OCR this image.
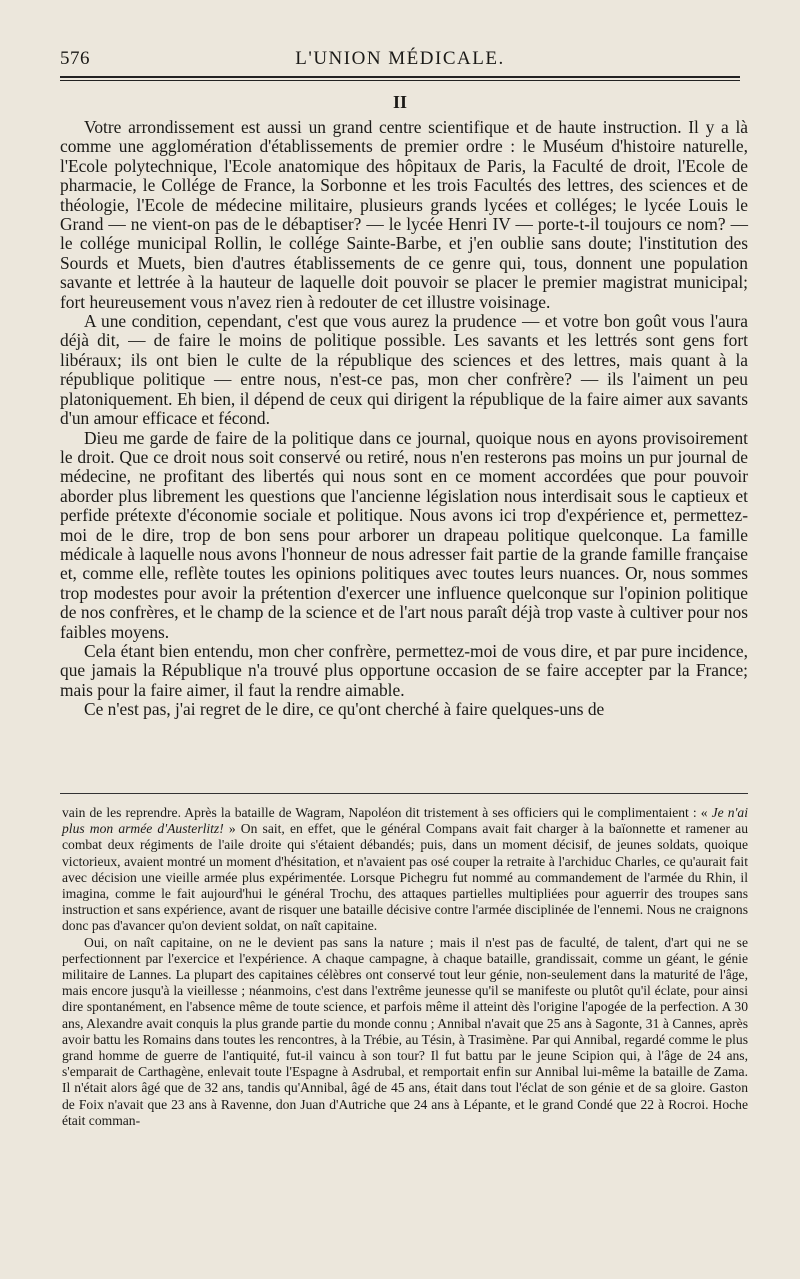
576	L'UNION MÉDICALE.
II

Votre arrondissement est aussi un grand centre scientifique et de haute instruction. Il y a là comme une agglomération d'établissements de premier ordre : le Muséum d'histoire naturelle, l'Ecole polytechnique, l'Ecole anatomique des hôpitaux de Paris, la Faculté de droit, l'Ecole de pharmacie, le Collége de France, la Sorbonne et les trois Facultés des lettres, des sciences et de théologie, l'Ecole de médecine militaire, plusieurs grands lycées et colléges; le lycée Louis le Grand — ne vient-on pas de le débaptiser? — le lycée Henri IV — porte-t-il toujours ce nom? — le collége municipal Rollin, le collége Sainte-Barbe, et j'en oublie sans doute; l'institution des Sourds et Muets, bien d'autres établissements de ce genre qui, tous, donnent une population savante et lettrée à la hauteur de laquelle doit pouvoir se placer le premier magistrat municipal; fort heureusement vous n'avez rien à redouter de cet illustre voisinage.

A une condition, cependant, c'est que vous aurez la prudence — et votre bon goût vous l'aura déjà dit, — de faire le moins de politique possible. Les savants et les lettrés sont gens fort libéraux; ils ont bien le culte de la république des sciences et des lettres, mais quant à la république politique — entre nous, n'est-ce pas, mon cher confrère? — ils l'aiment un peu platoniquement. Eh bien, il dépend de ceux qui dirigent la république de la faire aimer aux savants d'un amour efficace et fécond.

Dieu me garde de faire de la politique dans ce journal, quoique nous en ayons provisoirement le droit. Que ce droit nous soit conservé ou retiré, nous n'en resterons pas moins un pur journal de médecine, ne profitant des libertés qui nous sont en ce moment accordées que pour pouvoir aborder plus librement les questions que l'ancienne législation nous interdisait sous le captieux et perfide prétexte d'économie sociale et politique. Nous avons ici trop d'expérience et, permettez-moi de le dire, trop de bon sens pour arborer un drapeau politique quelconque. La famille médicale à laquelle nous avons l'honneur de nous adresser fait partie de la grande famille française et, comme elle, reflète toutes les opinions politiques avec toutes leurs nuances. Or, nous sommes trop modestes pour avoir la prétention d'exercer une influence quelconque sur l'opinion politique de nos confrères, et le champ de la science et de l'art nous paraît déjà trop vaste à cultiver pour nos faibles moyens.

Cela étant bien entendu, mon cher confrère, permettez-moi de vous dire, et par pure incidence, que jamais la République n'a trouvé plus opportune occasion de se faire accepter par la France; mais pour la faire aimer, il faut la rendre aimable.

Ce n'est pas, j'ai regret de le dire, ce qu'ont cherché à faire quelques-uns de

vain de les reprendre. Après la bataille de Wagram, Napoléon dit tristement à ses officiers qui le complimentaient : « Je n'ai plus mon armée d'Austerlitz! » On sait, en effet, que le général Compans avait fait charger à la baïonnette et ramener au combat deux régiments de l'aile droite qui s'étaient débandés; puis, dans un moment décisif, de jeunes soldats, quoique victorieux, avaient montré un moment d'hésitation, et n'avaient pas osé couper la retraite à l'archiduc Charles, ce qu'aurait fait avec décision une vieille armée plus expérimentée. Lorsque Pichegru fut nommé au commandement de l'armée du Rhin, il imagina, comme le fait aujourd'hui le général Trochu, des attaques partielles multipliées pour aguerrir des troupes sans instruction et sans expérience, avant de risquer une bataille décisive contre l'armée disciplinée de l'ennemi. Nous ne craignons donc pas d'avancer qu'on devient soldat, on naît capitaine.

Oui, on naît capitaine, on ne le devient pas sans la nature ; mais il n'est pas de faculté, de talent, d'art qui ne se perfectionnent par l'exercice et l'expérience. A chaque campagne, à chaque bataille, grandissait, comme un géant, le génie militaire de Lannes. La plupart des capitaines célèbres ont conservé tout leur génie, non-seulement dans la maturité de l'âge, mais encore jusqu'à la vieillesse ; néanmoins, c'est dans l'extrême jeunesse qu'il se manifeste ou plutôt qu'il éclate, pour ainsi dire spontanément, en l'absence même de toute science, et parfois même il atteint dès l'origine l'apogée de la perfection. A 30 ans, Alexandre avait conquis la plus grande partie du monde connu ; Annibal n'avait que 25 ans à Sagonte, 31 à Cannes, après avoir battu les Romains dans toutes les rencontres, à la Trébie, au Tésin, à Trasimène. Par qui Annibal, regardé comme le plus grand homme de guerre de l'antiquité, fut-il vaincu à son tour? Il fut battu par le jeune Scipion qui, à l'âge de 24 ans, s'emparait de Carthagène, enlevait toute l'Espagne à Asdrubal, et remportait enfin sur Annibal lui-même la bataille de Zama. Il n'était alors âgé que de 32 ans, tandis qu'Annibal, âgé de 45 ans, était dans tout l'éclat de son génie et de sa gloire. Gaston de Foix n'avait que 23 ans à Ravenne, don Juan d'Autriche que 24 ans à Lépante, et le grand Condé que 22 à Rocroi. Hoche était comman-
